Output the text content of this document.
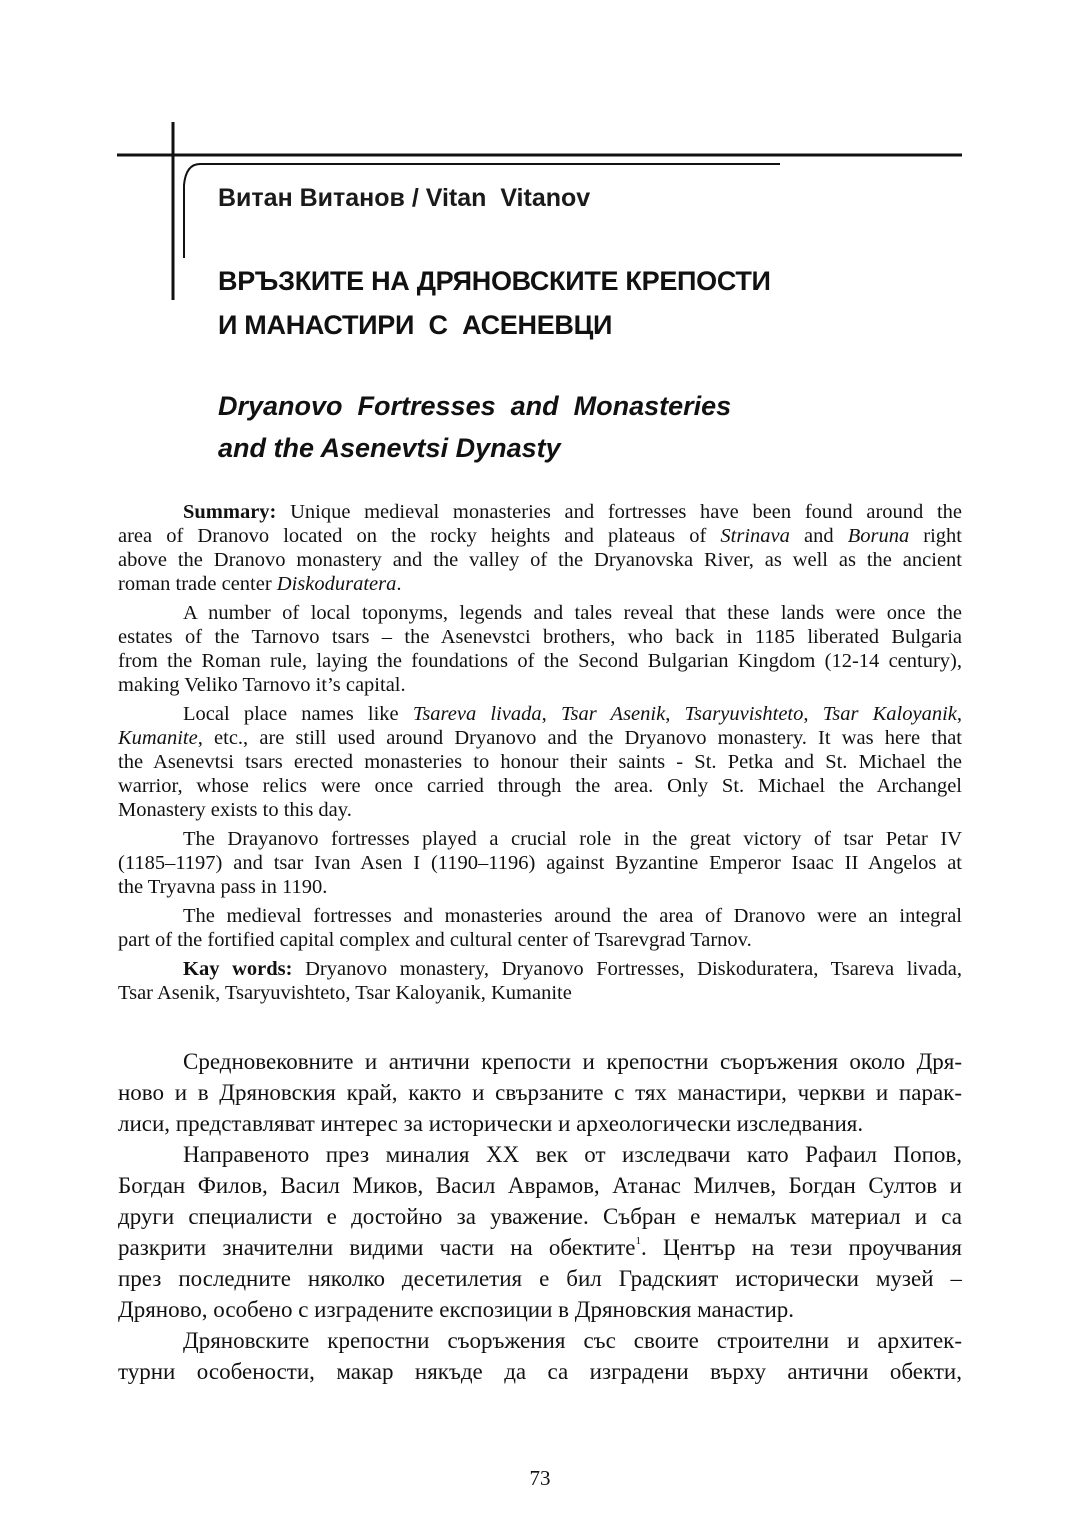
Витан Витанов / Vitan  Vitanov
ВРЪЗКИТЕ НА ДРЯНОВСКИТЕ КРЕПОСТИ
И МАНАСТИРИ  С  АСЕНЕВЦИ
Dryanovo  Fortresses  and  Monasteries
and the Asenevtsi Dynasty
Summary: Unique medieval monasteries and fortresses have been found around the
area of Dranovo located on the rocky heights and plateaus of Strinava and Boruna right
above the Dranovo monastery and the valley of the Dryanovska River, as well as the ancient
roman trade center Diskoduratera.
A number of local toponyms, legends and tales reveal that these lands were once the
estates of the Tarnovo tsars – the Asenevstci brothers, who back in 1185 liberated Bulgaria
from the Roman rule, laying the foundations of the Second Bulgarian Kingdom (12-14 century),
making Veliko Tarnovo it’s capital.
Local place names like Tsareva livada, Tsar Asenik, Tsaryuvishteto, Tsar Kaloyanik,
Kumanite, etc., are still used around Dryanovo and the Dryanovo monastery. It was here that
the Asenevtsi tsars erected monasteries to honour their saints - St. Petka and St. Michael the
warrior, whose relics were once carried through the area. Only St. Michael the Archangel
Monastery exists to this day.
The Drayanovo fortresses played a crucial role in the great victory of tsar Petar IV
(1185–1197) and tsar Ivan Asen I (1190–1196) against Byzantine Emperor Isaac II Angelos at
the Tryavna pass in 1190.
The medieval fortresses and monasteries around the area of Dranovo were an integral
part of the fortified capital complex and cultural center of Tsarevgrad Tarnov.
Kay words: Dryanovo monastery, Dryanovo Fortresses, Diskoduratera, Tsareva livada,
Tsar Asenik, Tsaryuvishteto, Tsar Kaloyanik, Kumanite
Средновековните и антични крепости и крепостни съоръжения около Дря-
ново и в Дряновския край, както и свързаните с тях манастири, черкви и парак-
лиси, представляват интерес за исторически и археологически изследвания.
Направеното през миналия XX век от изследвачи като Рафаил Попов,
Богдан Филов, Васил Миков, Васил Аврамов, Атанас Милчев, Богдан Султов и
други специалисти е достойно за уважение. Събран е немалък материал и са
разкрити значителни видими части на обектите$^1$. Център на тези проучвания
през последните няколко десетилетия е бил Градският исторически музей –
Дряново, особено с изградените експозиции в Дряновския манастир.
Дряновските крепостни съоръжения със своите строителни и архитек-
турни особености, макар някъде да са изградени върху антични обекти,
73
